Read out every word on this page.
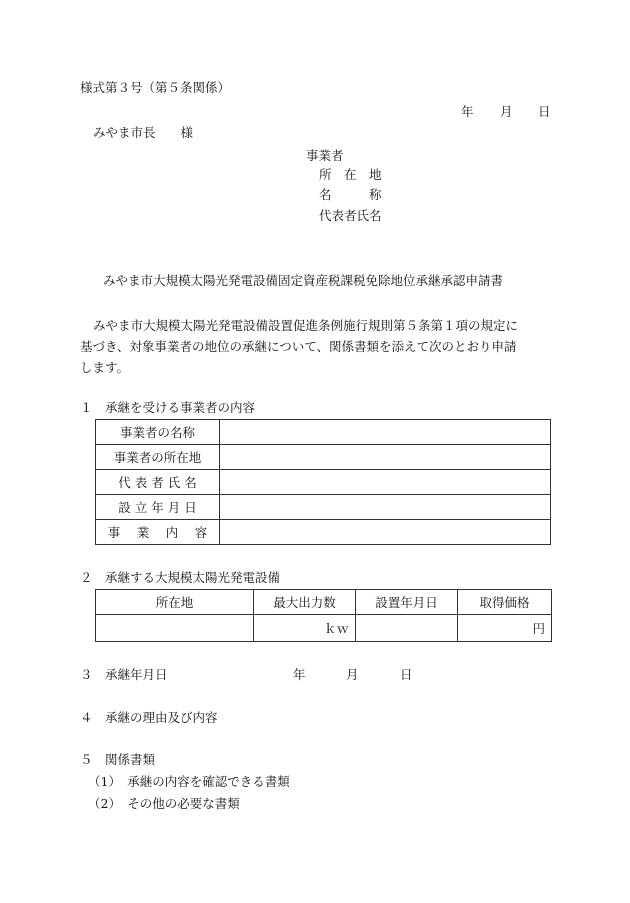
様式第３号（第５条関係）
年 月 日
みやま市長　　様
事業者
所　在　地
名　　　称
代表者氏名
みやま市大規模太陽光発電設備固定資産税課税免除地位承継承認申請書
みやま市大規模太陽光発電設備設置促進条例施行規則第５条第１項の規定に
基づき、対象事業者の地位の承継について、関係書類を添えて次のとおり申請
します。
１　承継を受ける事業者の内容
事業者の名称	
事業者の所在地	
代 表 者 氏 名	
設 立 年 月 日	
事　 業　 内　 容	
２　承継する大規模太陽光発電設備
所在地	最大出力数	設置年月日	取得価格
	ｋｗ		円
３　承継年月日	年	月	日
４　承継の理由及び内容
５　関係書類
（1）　承継の内容を確認できる書類
（2）　その他の必要な書類
